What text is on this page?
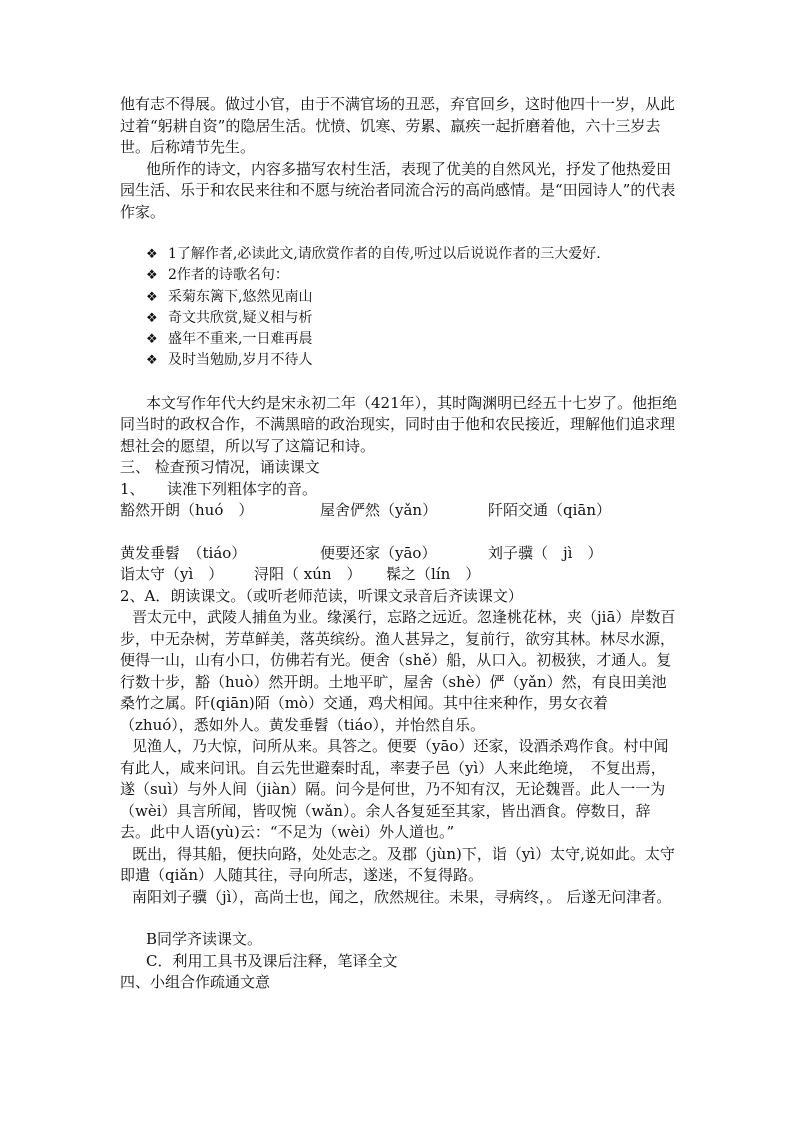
他有志不得展。做过小官，由于不满官场的丑恶，弃官回乡，这时他四十一岁，从此过着“躬耕自资”的隐居生活。忧愤、饥寒、劳累、羸疾一起折磨着他，六十三岁去世。后称靖节先生。

他所作的诗文，内容多描写农村生活，表现了优美的自然风光，抒发了他热爱田园生活、乐于和农民来往和不愿与统治者同流合污的高尚感情。是“田园诗人”的代表作家。

❖ 1了解作者,必读此文,请欣赏作者的自传,听过以后说说作者的三大爱好.
❖ 2作者的诗歌名句：
❖ 采菊东篱下,悠然见南山
❖ 奇文共欣赏,疑义相与析
❖ 盛年不重来,一日难再晨
❖ 及时当勉励,岁月不待人

本文写作年代大约是宋永初二年（421年），其时陶渊明已经五十七岁了。他拒绝同当时的政权合作，不满黑暗的政治现实，同时由于他和农民接近，理解他们追求理想社会的愿望，所以写了这篇记和诗。

三、 检查预习情况，诵读课文

1、　　读准下列粗体字的音。

豁然开朗（huó　）	屋舍俨然（yǎn）	阡陌交通（qiān）
黄发垂髫　（tiáo）	便要还家（yāo）	刘子骥（　jì　）
诣太守（yì　）	浔阳（ xún　）	髹之（lín　）

2、A．朗读课文。（或听老师范读，听课文录音后齐读课文）

晋太元中，武陵人捕鱼为业。缘溪行，忘路之远近。忽逢桃花林，夹（jiā）岸数百步，中无杂树，芳草鲜美，落英缤纷。渔人甚异之，复前行，欲穷其林。林尽水源，便得一山，山有小口，仿佛若有光。便舍（shě）船，从口入。初极狭，才通人。复行数十步，豁（huò）然开朗。土地平旷，屋舍（shè）俨（yǎn）然，有良田美池桑竹之属。阡(qiān)陌（mò）交通，鸡犬相闻。其中往来种作，男女衣着（zhuó），悉如外人。黄发垂髫（tiáo），并怡然自乐。

见渔人，乃大惊，问所从来。具答之。便要（yāo）还家，设酒杀鸡作食。村中闻有此人，咸来问讯。自云先世避秦时乱，率妻子邑（yì）人来此绝境，　不复出焉，遂（suì）与外人间（jiàn）隔。问今是何世，乃不知有汉，无论魏晋。此人一一为 （wèi）具言所闻，皆叹惋（wǎn）。余人各复延至其家，皆出酒食。停数日，辞去。此中人语(yù)云：“不足为（wèi）外人道也。”

既出，得其船，便扶向路，处处志之。及郡（jùn)下，诣（yì）太守,说如此。太守即遣（qiǎn）人随其往，寻向所志，遂迷，不复得路。

南阳刘子骥（jì），高尚士也，闻之，欣然规往。未果，寻病终，。 后遂无问津者。

B同学齐读课文。

C．利用工具书及课后注释，笔译全文

四、小组合作疏通文意
